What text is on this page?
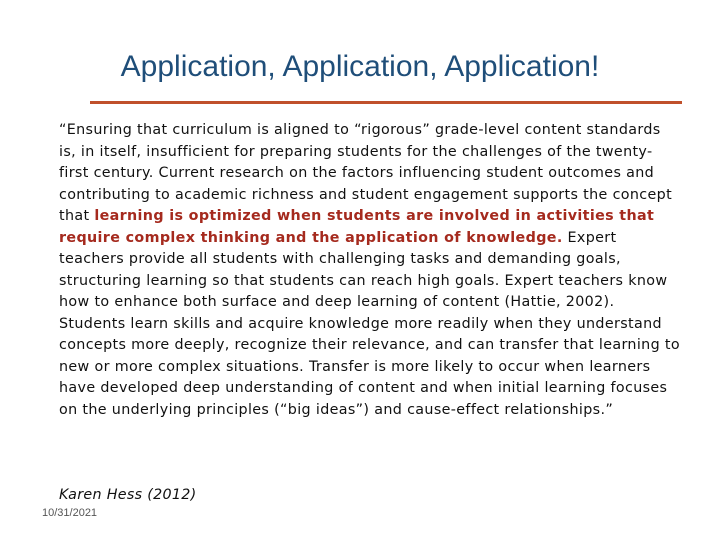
Application, Application, Application!
“Ensuring that curriculum is aligned to “rigorous” grade-level content standards is, in itself, insufficient for preparing students for the challenges of the twenty-first century. Current research on the factors influencing student outcomes and contributing to academic richness and student engagement supports the concept that learning is optimized when students are involved in activities that require complex thinking and the application of knowledge. Expert teachers provide all students with challenging tasks and demanding goals, structuring learning so that students can reach high goals. Expert teachers know how to enhance both surface and deep learning of content (Hattie, 2002). Students learn skills and acquire knowledge more readily when they understand concepts more deeply, recognize their relevance, and can transfer that learning to new or more complex situations. Transfer is more likely to occur when learners have developed deep understanding of content and when initial learning focuses on the underlying principles (“big ideas”) and cause-effect relationships.”
Karen Hess (2012)
10/31/2021
